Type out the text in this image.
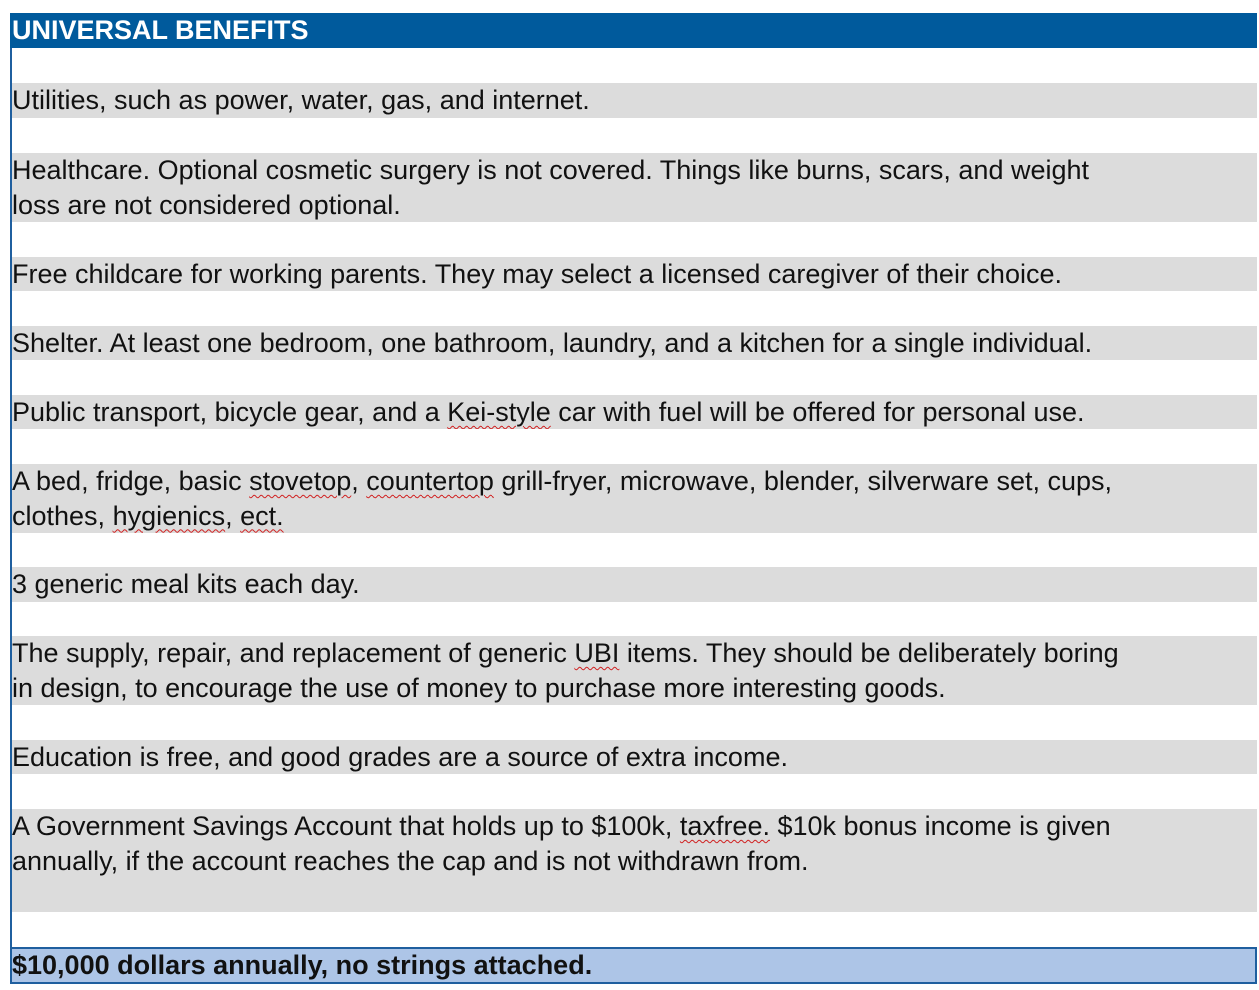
UNIVERSAL BENEFITS
Utilities, such as power, water, gas, and internet.
Healthcare. Optional cosmetic surgery is not covered. Things like burns, scars, and weight
loss are not considered optional.
Free childcare for working parents. They may select a licensed caregiver of their choice.
Shelter. At least one bedroom, one bathroom, laundry, and a kitchen for a single individual.
Public transport, bicycle gear, and a Kei-style car with fuel will be offered for personal use.
A bed, fridge, basic stovetop, countertop grill-fryer, microwave, blender, silverware set, cups,
clothes, hygienics, ect.
3 generic meal kits each day.
The supply, repair, and replacement of generic UBI items. They should be deliberately boring
in design, to encourage the use of money to purchase more interesting goods.
Education is free, and good grades are a source of extra income.
A Government Savings Account that holds up to $100k, taxfree. $10k bonus income is given
annually, if the account reaches the cap and is not withdrawn from.
$10,000 dollars annually, no strings attached.
